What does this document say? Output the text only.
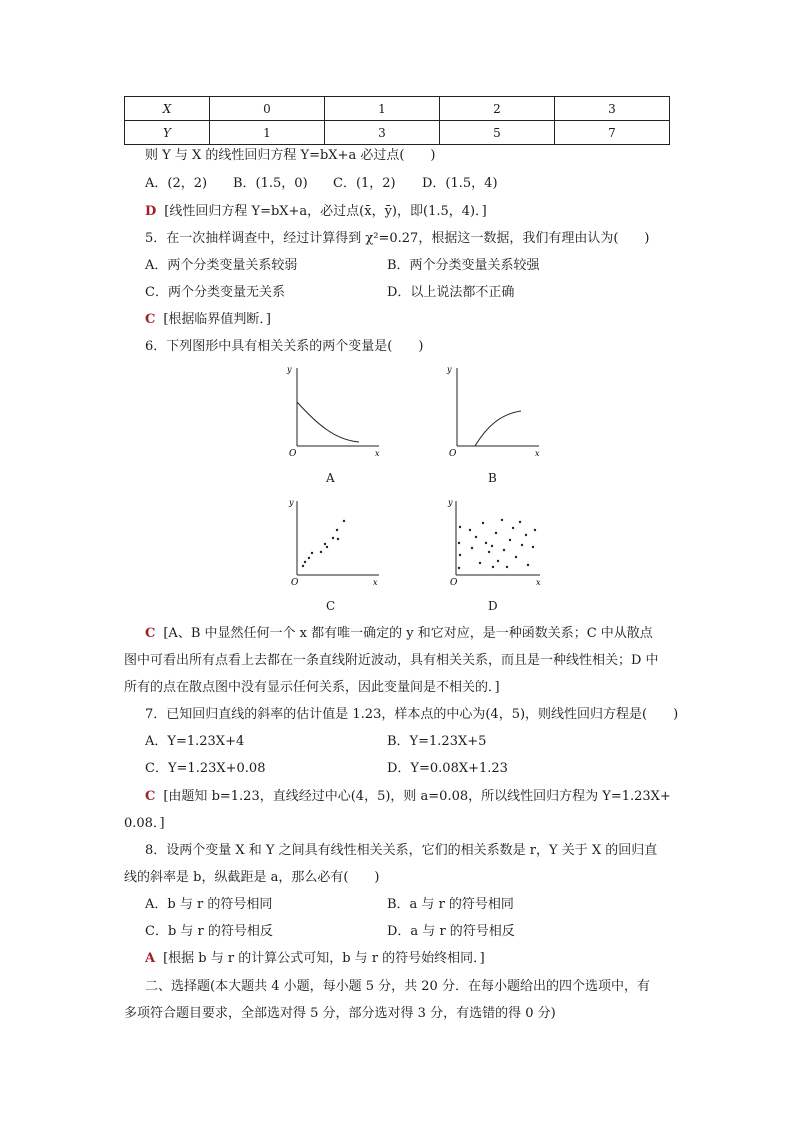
X	0	1	2	3
Y	1	3	5	7
则 Y 与 X 的线性回归方程 Y=bX+a 必过点(　　)
A．(2，2) B．(1.5，0) C．(1，2) D．(1.5，4)
D [线性回归方程 Y=bX+a，必过点(x̄，ȳ)，即(1.5，4)．]
5．在一次抽样调查中，经过计算得到 χ²=0.27，根据这一数据，我们有理由认为(　　)
A．两个分类变量关系较弱	B．两个分类变量关系较强
C．两个分类变量无关系	D．以上说法都不正确
C [根据临界值判断．]
6．下列图形中具有相关关系的两个变量是(　　)
y
x
O
A
y
x
O
B
y
x
O
C
y
x
O
D
C [A、B 中显然任何一个 x 都有唯一确定的 y 和它对应，是一种函数关系；C 中从散点
图中可看出所有点看上去都在一条直线附近波动，具有相关关系，而且是一种线性相关；D 中
所有的点在散点图中没有显示任何关系，因此变量间是不相关的．]
7．已知回归直线的斜率的估计值是 1.23，样本点的中心为(4，5)，则线性回归方程是(　　)
A．Y=1.23X+4	B．Y=1.23X+5
C．Y=1.23X+0.08	D．Y=0.08X+1.23
C [由题知 b=1.23，直线经过中心(4，5)，则 a=0.08，所以线性回归方程为 Y=1.23X+
0.08．]
8．设两个变量 X 和 Y 之间具有线性相关关系，它们的相关系数是 r，Y 关于 X 的回归直
线的斜率是 b，纵截距是 a，那么必有(　　)
A．b 与 r 的符号相同	B．a 与 r 的符号相同
C．b 与 r 的符号相反	D．a 与 r 的符号相反
A [根据 b 与 r 的计算公式可知，b 与 r 的符号始终相同．]
二、选择题(本大题共 4 小题，每小题 5 分，共 20 分．在每小题给出的四个选项中，有
多项符合题目要求，全部选对得 5 分，部分选对得 3 分，有选错的得 0 分)
